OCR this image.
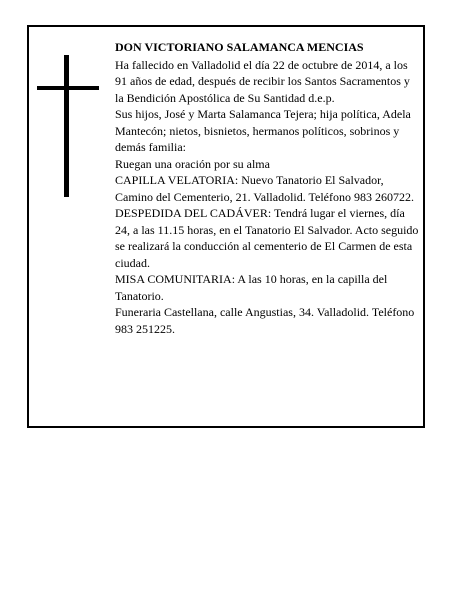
DON VICTORIANO SALAMANCA MENCIAS

Ha fallecido en Valladolid el día 22 de octubre de 2014, a los 91 años de edad, después de recibir los Santos Sacramentos y la Bendición Apostólica de Su Santidad d.e.p.

Sus hijos, José y Marta Salamanca Tejera; hija política, Adela Mantecón; nietos, bisnietos, hermanos políticos, sobrinos y demás familia:

Ruegan una oración por su alma

CAPILLA VELATORIA: Nuevo Tanatorio El Salvador, Camino del Cementerio, 21. Valladolid. Teléfono 983 260722.

DESPEDIDA DEL CADÁVER: Tendrá lugar el viernes, día 24, a las 11.15 horas, en el Tanatorio El Salvador. Acto seguido se realizará la conducción al cementerio de El Carmen de esta ciudad.

MISA COMUNITARIA: A las 10 horas, en la capilla del Tanatorio.

Funeraria Castellana, calle Angustias, 34. Valladolid. Teléfono 983 251225.
